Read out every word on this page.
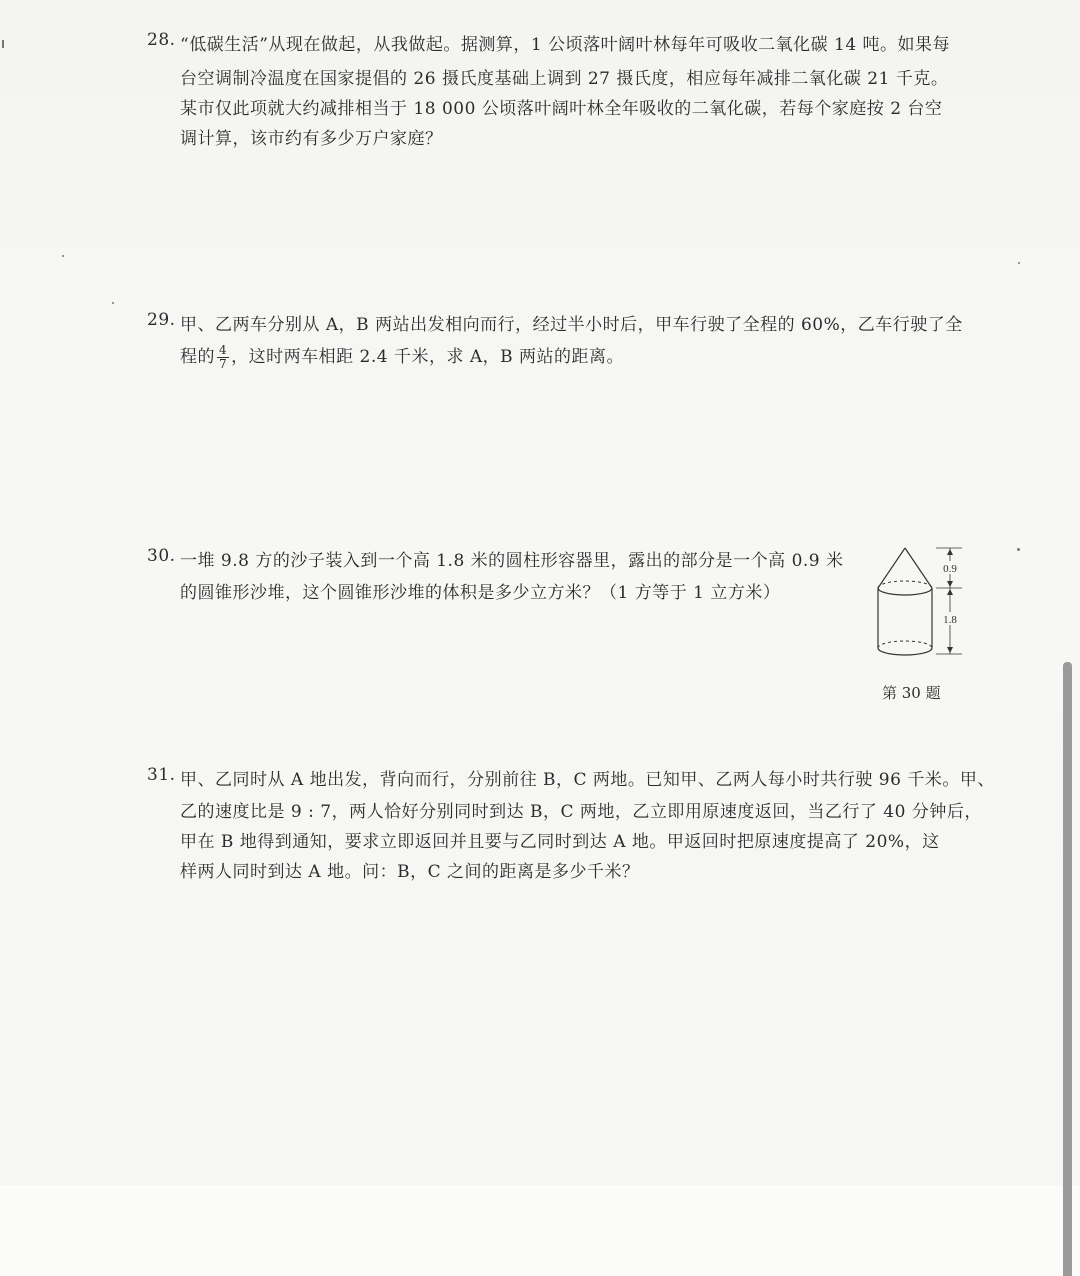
28. “低碳生活”从现在做起，从我做起。据测算，1 公顷落叶阔叶林每年可吸收二氧化碳 14 吨。如果每
台空调制冷温度在国家提倡的 26 摄氏度基础上调到 27 摄氏度，相应每年减排二氧化碳 21 千克。
某市仅此项就大约减排相当于 18 000 公顷落叶阔叶林全年吸收的二氧化碳，若每个家庭按 2 台空
调计算，该市约有多少万户家庭？
29. 甲、乙两车分别从 A，B 两站出发相向而行，经过半小时后，甲车行驶了全程的 60%，乙车行驶了全
程的 $\frac{4}{7}$ ，这时两车相距 2.4 千米，求 A，B 两站的距离。
30. 一堆 9.8 方的沙子装入到一个高 1.8 米的圆柱形容器里，露出的部分是一个高 0.9 米
的圆锥形沙堆，这个圆锥形沙堆的体积是多少立方米？（1 方等于 1 立方米）
0.9
1.8
第 30 题
31. 甲、乙同时从 A 地出发，背向而行，分别前往 B，C 两地。已知甲、乙两人每小时共行驶 96 千米。甲、
乙的速度比是 9 : 7，两人恰好分别同时到达 B，C 两地，乙立即用原速度返回，当乙行了 40 分钟后，
甲在 B 地得到通知，要求立即返回并且要与乙同时到达 A 地。甲返回时把原速度提高了 20%，这
样两人同时到达 A 地。问：B，C 之间的距离是多少千米？
